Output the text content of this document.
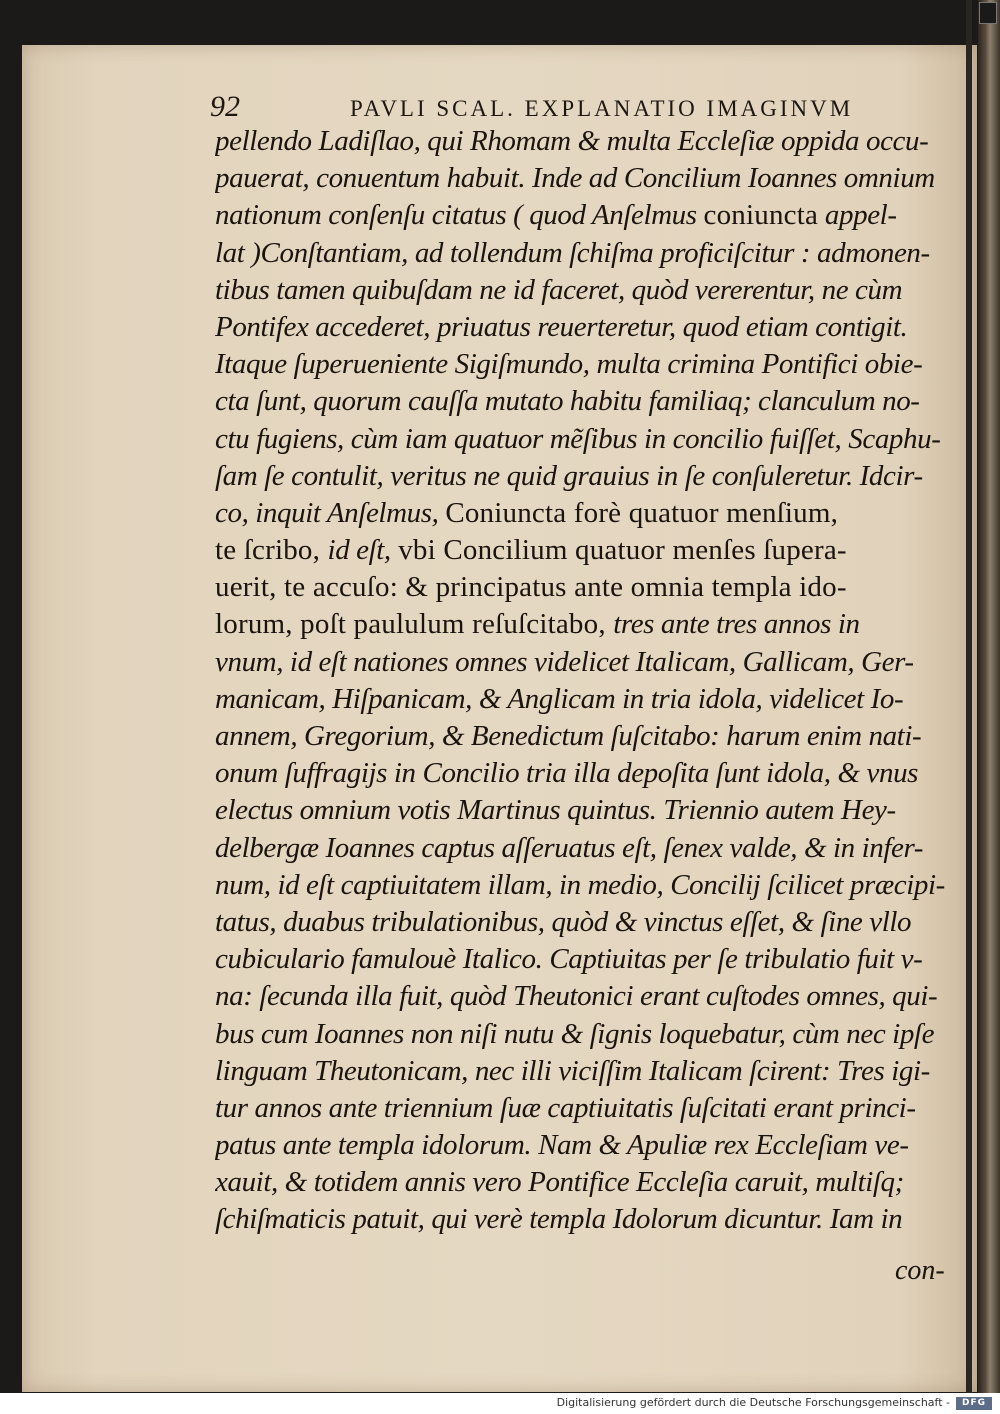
92	PAVLI SCAL. EXPLANATIO IMAGINVM
pellendo Ladiſlao, qui Rhomam & multa Eccleſiæ oppida occu-
pauerat, conuentum habuit. Inde ad Concilium Ioannes omnium
nationum conſenſu citatus ( quod Anſelmus coniuncta appel-
lat )Conſtantiam, ad tollendum ſchiſma proficiſcitur : admonen-
tibus tamen quibuſdam ne id faceret, quòd vererentur, ne cùm
Pontifex accederet, priuatus reuerteretur, quod etiam contigit.
Itaque ſuperueniente Sigiſmundo, multa crimina Pontifici obie-
cta ſunt, quorum cauſſa mutato habitu familiaq; clanculum no-
ctu fugiens, cùm iam quatuor mẽſibus in concilio fuiſſet, Scaphu-
ſam ſe contulit, veritus ne quid grauius in ſe conſuleretur. Idcir-
co, inquit Anſelmus, Coniuncta forè quatuor menſium,
te ſcribo, id eſt, vbi Concilium quatuor menſes ſupera-
uerit, te accuſo: & principatus ante omnia templa ido-
lorum, poſt paululum reſuſcitabo, tres ante tres annos in
vnum, id eſt nationes omnes videlicet Italicam, Gallicam, Ger-
manicam, Hiſpanicam, & Anglicam in tria idola, videlicet Io-
annem, Gregorium, & Benedictum ſuſcitabo: harum enim nati-
onum ſuffragijs in Concilio tria illa depoſita ſunt idola, & vnus
electus omnium votis Martinus quintus. Triennio autem Hey-
delbergæ Ioannes captus aſſeruatus eſt, ſenex valde, & in infer-
num, id eſt captiuitatem illam, in medio, Concilij ſcilicet præcipi-
tatus, duabus tribulationibus, quòd & vinctus eſſet, & ſine vllo
cubiculario famulouè Italico. Captiuitas per ſe tribulatio fuit v-
na: ſecunda illa fuit, quòd Theutonici erant cuſtodes omnes, qui-
bus cum Ioannes non niſi nutu & ſignis loquebatur, cùm nec ipſe
linguam Theutonicam, nec illi viciſſim Italicam ſcirent: Tres igi-
tur annos ante triennium ſuæ captiuitatis ſuſcitati erant princi-
patus ante templa idolorum. Nam & Apuliæ rex Eccleſiam ve-
xauit, & totidem annis vero Pontifice Eccleſia caruit, multiſq;
ſchiſmaticis patuit, qui verè templa Idolorum dicuntur. Iam in
con-
Digitalisierung gefördert durch die Deutsche Forschungsgemeinschaft -	DFG
